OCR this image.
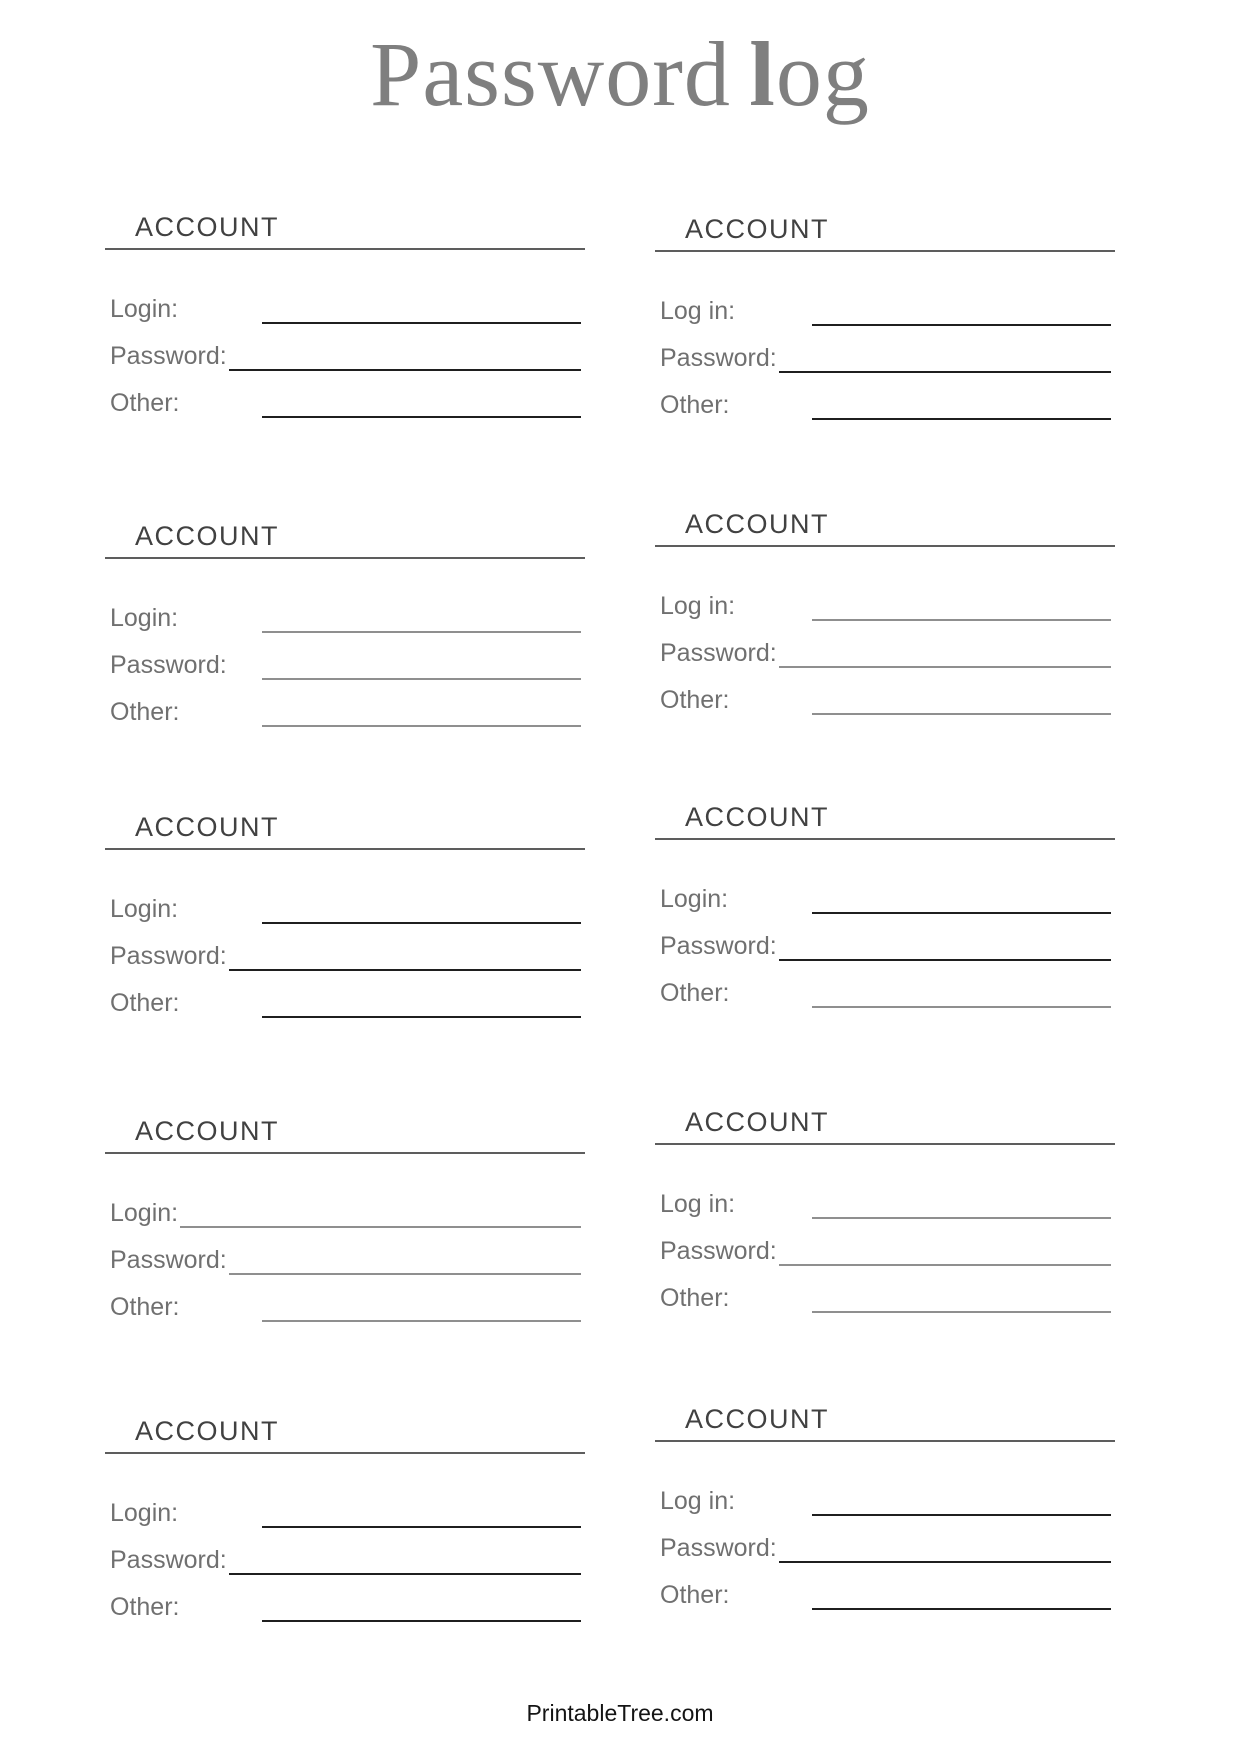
Password log
PrintableTree.com
ACCOUNT
Login:
Password:
Other:
ACCOUNT
Log in:
Password:
Other:
ACCOUNT
Login:
Password:
Other:
ACCOUNT
Log in:
Password:
Other:
ACCOUNT
Login:
Password:
Other:
ACCOUNT
Login:
Password:
Other:
ACCOUNT
Login:
Password:
Other:
ACCOUNT
Log in:
Password:
Other:
ACCOUNT
Login:
Password:
Other:
ACCOUNT
Log in:
Password:
Other:
